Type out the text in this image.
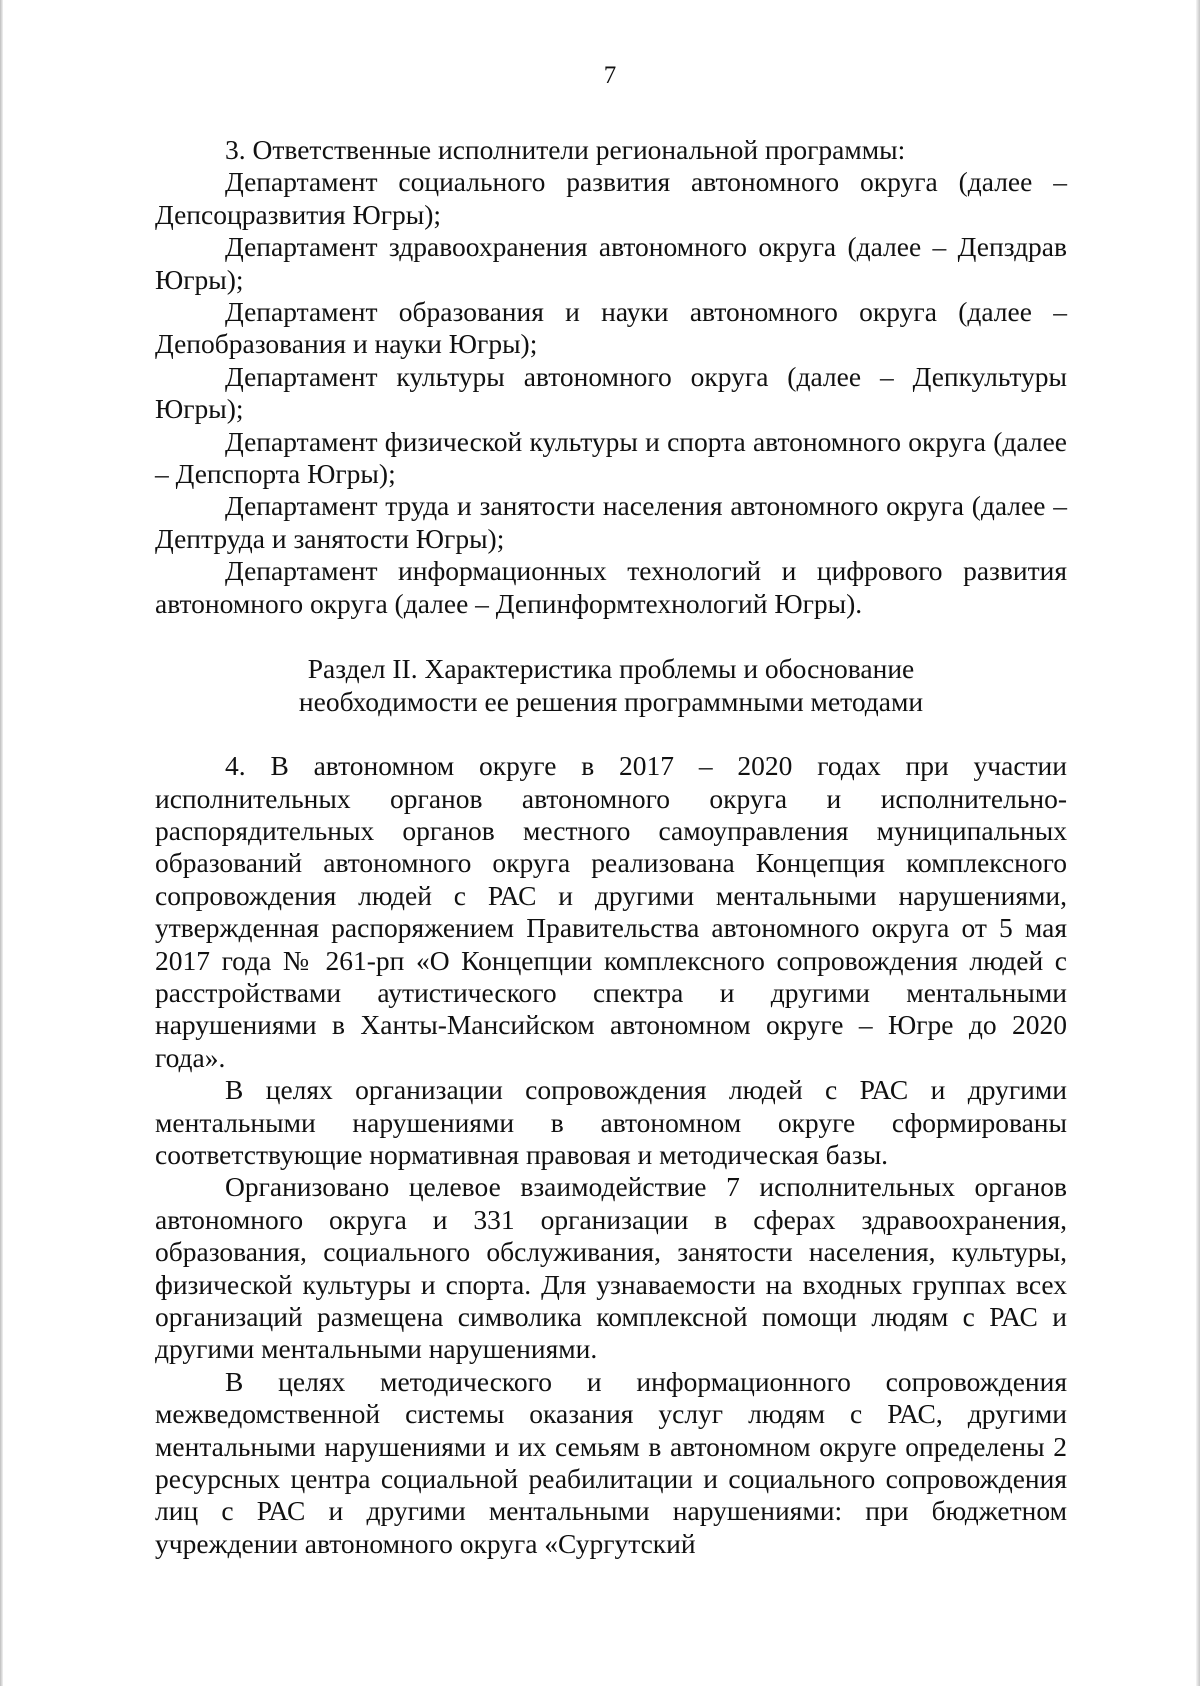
7

3. Ответственные исполнители региональной программы:

Департамент социального развития автономного округа (далее – Депсоцразвития Югры);

Департамент здравоохранения автономного округа (далее – Депздрав Югры);

Департамент образования и науки автономного округа (далее – Депобразования и науки Югры);

Департамент культуры автономного округа (далее – Депкультуры Югры);

Департамент физической культуры и спорта автономного округа (далее – Депспорта Югры);

Департамент труда и занятости населения автономного округа (далее – Дептруда и занятости Югры);

Департамент информационных технологий и цифрового развития автономного округа (далее – Депинформтехнологий Югры).

Раздел II. Характеристика проблемы и обоснование

необходимости ее решения программными методами

4. В автономном округе в 2017 – 2020 годах при участии исполнительных органов автономного округа и исполнительно-распорядительных органов местного самоуправления муниципальных образований автономного округа реализована Концепция комплексного сопровождения людей с РАС и другими ментальными нарушениями, утвержденная распоряжением Правительства автономного округа от 5 мая 2017 года № 261-рп «О Концепции комплексного сопровождения людей с расстройствами аутистического спектра и другими ментальными нарушениями в Ханты-Мансийском автономном округе – Югре до 2020 года».

В целях организации сопровождения людей с РАС и другими ментальными нарушениями в автономном округе сформированы соответствующие нормативная правовая и методическая базы.

Организовано целевое взаимодействие 7 исполнительных органов автономного округа и 331 организации в сферах здравоохранения, образования, социального обслуживания, занятости населения, культуры, физической культуры и спорта. Для узнаваемости на входных группах всех организаций размещена символика комплексной помощи людям с РАС и другими ментальными нарушениями.

В целях методического и информационного сопровождения межведомственной системы оказания услуг людям с РАС, другими ментальными нарушениями и их семьям в автономном округе определены 2 ресурсных центра социальной реабилитации и социального сопровождения лиц с РАС и другими ментальными нарушениями: при бюджетном учреждении автономного округа «Сургутский
